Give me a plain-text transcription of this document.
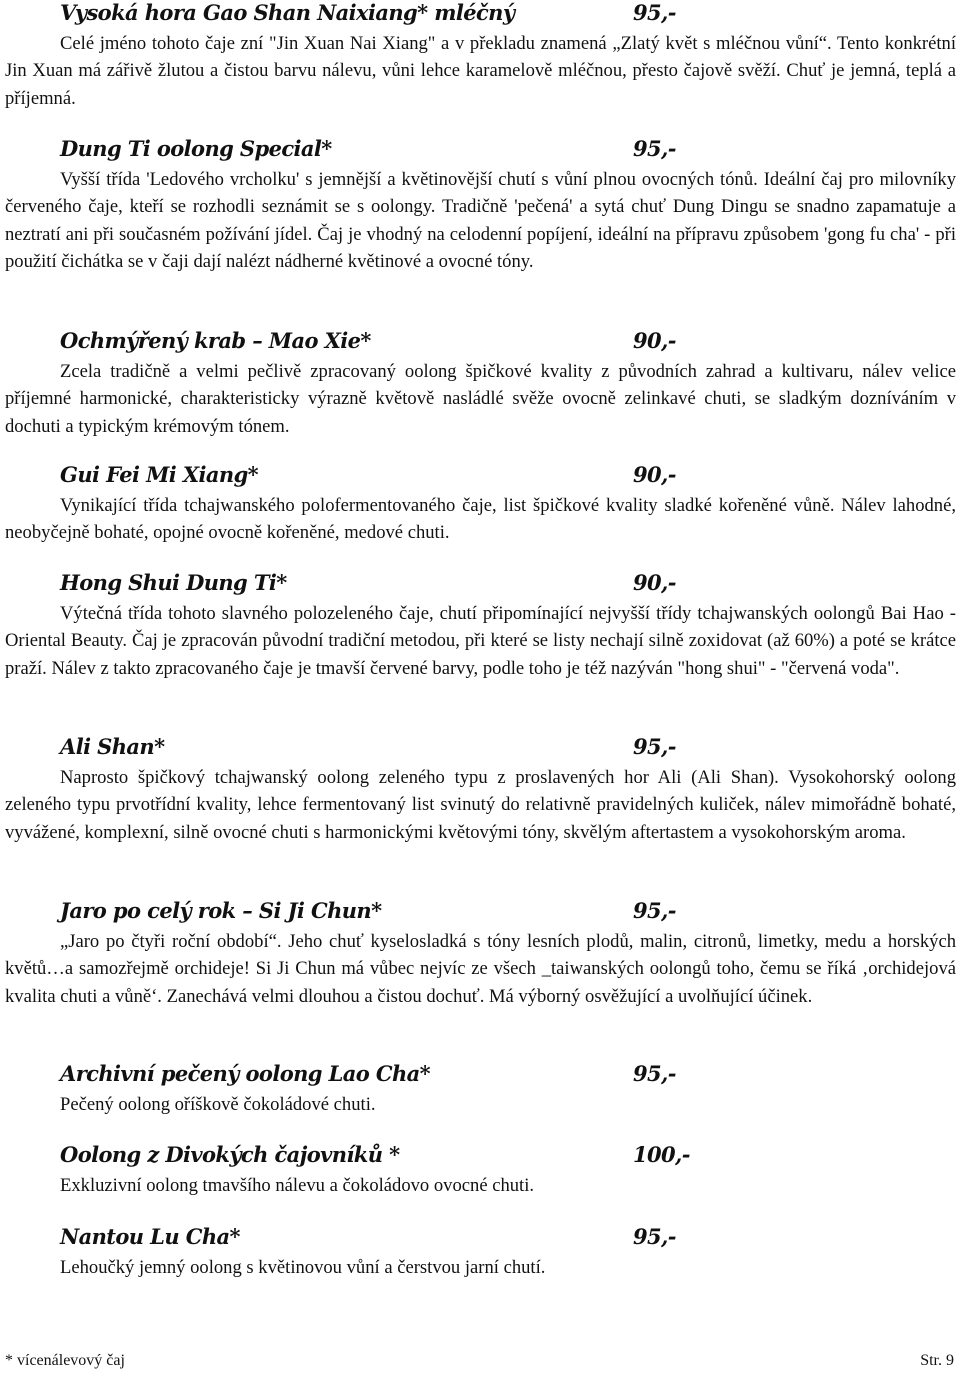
Vysoká hora Gao Shan Naixiang* mléčný	95,-

Celé jméno tohoto čaje zní "Jin Xuan Nai Xiang" a v překladu znamená „Zlatý květ s mléčnou vůní“. Tento konkrétní Jin Xuan má zářivě žlutou a čistou barvu nálevu, vůni lehce karamelově mléčnou, přesto čajově svěží. Chuť je jemná, teplá a příjemná.

Dung Ti oolong Special*	95,-

Vyšší třída 'Ledového vrcholku' s jemnější a květinovější chutí s vůní plnou ovocných tónů. Ideální čaj pro milovníky červeného čaje, kteří se rozhodli seznámit se s oolongy. Tradičně 'pečená' a sytá chuť Dung Dingu se snadno zapamatuje a neztratí ani při současném požívání jídel. Čaj je vhodný na celodenní popíjení, ideální na přípravu způsobem 'gong fu cha' - při použití čichátka se v čaji dají nalézt nádherné květinové a ovocné tóny.

Ochmýřený krab – Mao Xie*	90,-

Zcela tradičně a velmi pečlivě zpracovaný oolong špičkové kvality z původních zahrad a kultivaru, nálev velice příjemné harmonické, charakteristicky výrazně květově nasládlé svěže ovocně zelinkavé chuti, se sladkým dozníváním v dochuti a typickým krémovým tónem.

Gui Fei Mi Xiang*	90,-

Vynikající třída tchajwanského polofermentovaného čaje, list špičkové kvality sladké kořeněné vůně. Nálev lahodné, neobyčejně bohaté, opojné ovocně kořeněné, medové chuti.

Hong Shui Dung Ti*	90,-

Výtečná třída tohoto slavného polozeleného čaje, chutí připomínající nejvyšší třídy tchajwanských oolongů Bai Hao - Oriental Beauty. Čaj je zpracován původní tradiční metodou, při které se listy nechají silně zoxidovat (až 60%) a poté se krátce praží. Nálev z takto zpracovaného čaje je tmavší červené barvy, podle toho je též nazýván "hong shui" - "červená voda".

Ali Shan*	95,-

Naprosto špičkový tchajwanský oolong zeleného typu z proslavených hor Ali (Ali Shan). Vysokohorský oolong zeleného typu prvotřídní kvality, lehce fermentovaný list svinutý do relativně pravidelných kuliček, nálev mimořádně bohaté, vyvážené, komplexní, silně ovocné chuti s harmonickými květovými tóny, skvělým aftertastem a vysokohorským aroma.

Jaro po celý rok – Si Ji Chun*	95,-

„Jaro po čtyři roční období“. Jeho chuť kyselosladká s tóny lesních plodů, malin, citronů, limetky, medu a horských květů…a samozřejmě orchideje! Si Ji Chun má vůbec nejvíc ze všech _taiwanských oolongů toho, čemu se říká ‚orchidejová kvalita chuti a vůně‘. Zanechává velmi dlouhou a čistou dochuť. Má výborný osvěžující a uvolňující účinek.

Archivní pečený oolong Lao Cha*	95,-

Pečený oolong oříškově čokoládové chuti.

Oolong z Divokých čajovníků *	100,-

Exkluzivní oolong tmavšího nálevu a čokoládovo ovocné chuti.

Nantou Lu Cha*	95,-

Lehoučký jemný oolong s květinovou vůní a čerstvou jarní chutí.

* vícenálevový čaj	Str. 9
